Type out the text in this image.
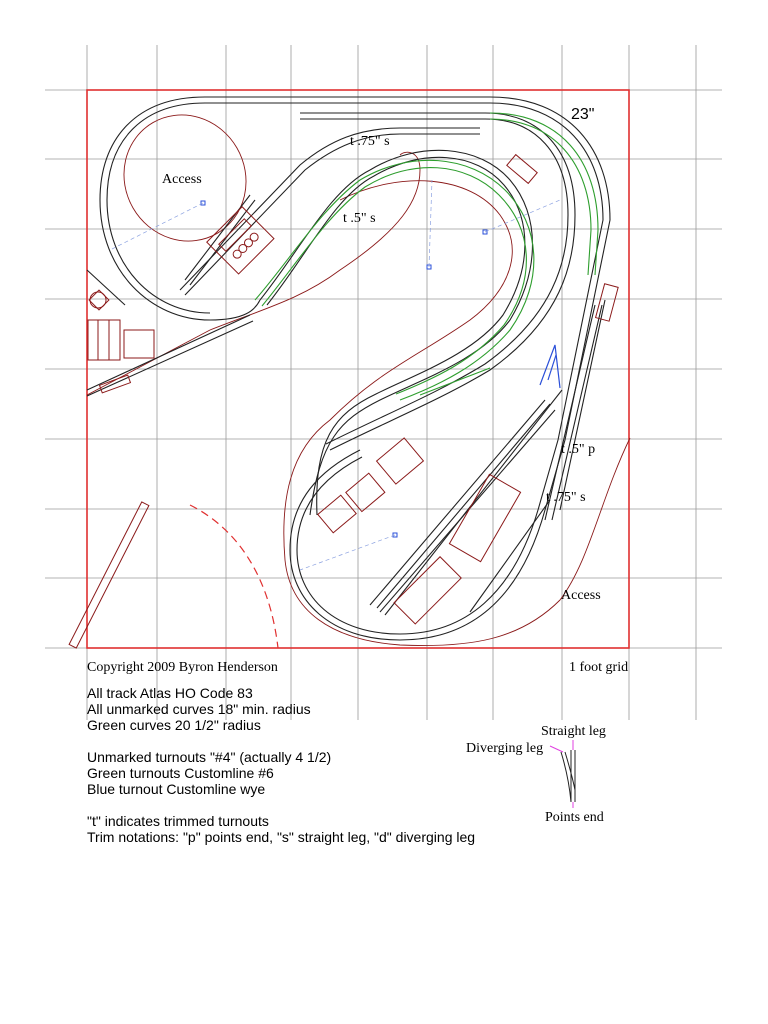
23"
Access
Access
t .75" s
t .5" s
t .5" p
t .75" s
Copyright 2009 Byron Henderson	1 foot grid
Straight leg
Diverging leg
Points end
All track Atlas HO Code 83
All unmarked curves 18" min. radius
Green curves 20 1/2" radius
Unmarked turnouts "#4" (actually 4 1/2)
Green turnouts Customline #6
Blue turnout Customline wye
"t" indicates trimmed turnouts
Trim notations: "p" points end, "s" straight leg, "d" diverging leg
